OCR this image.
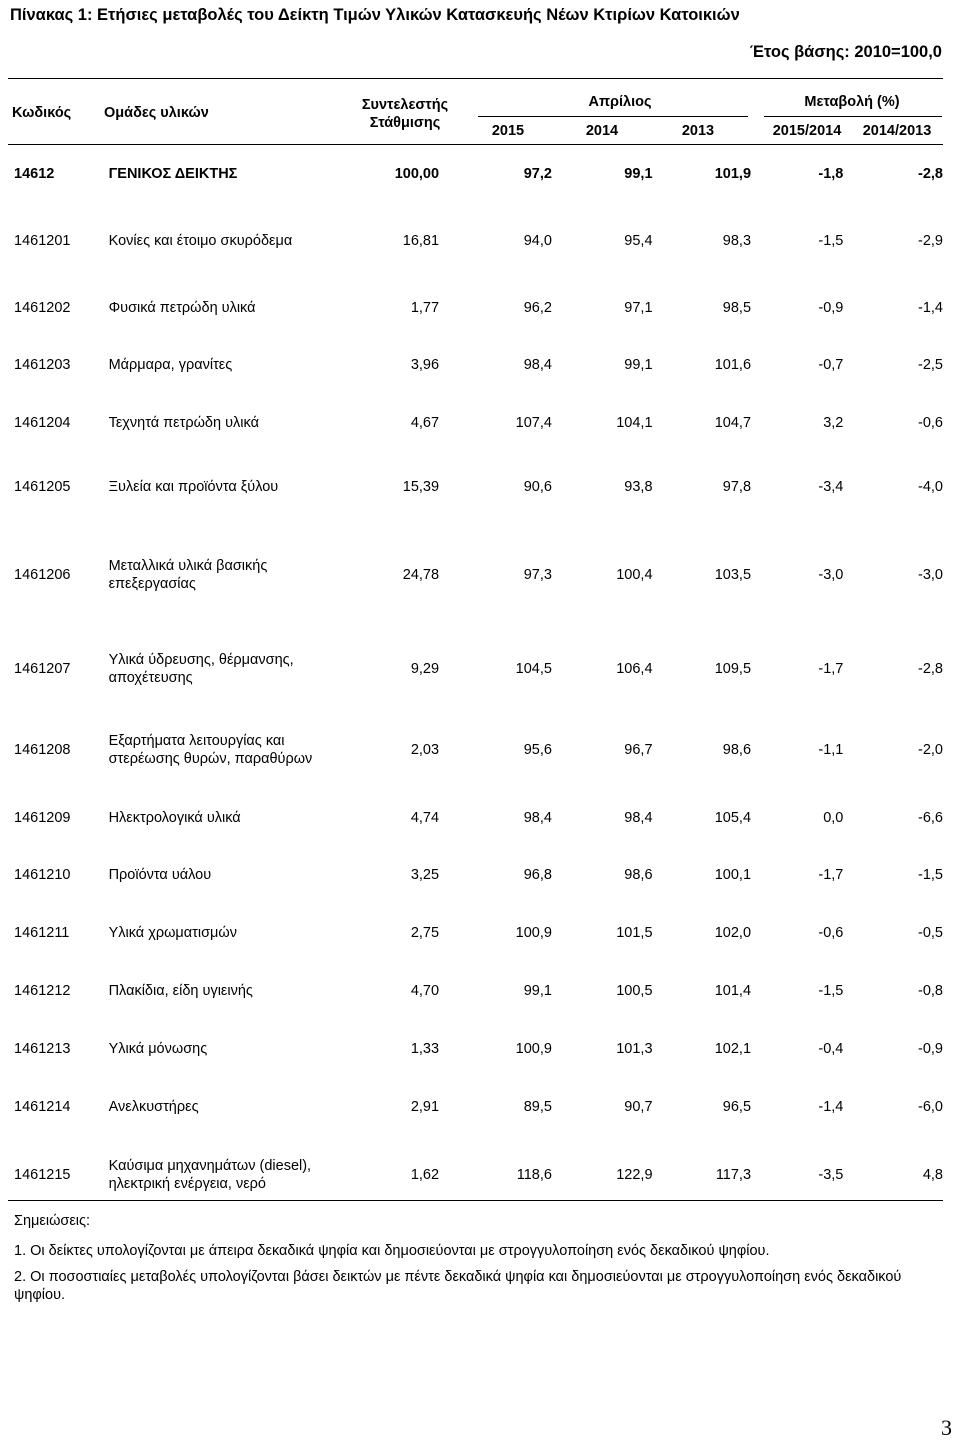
Πίνακας 1: Ετήσιες μεταβολές του Δείκτη Τιμών Υλικών Κατασκευής Νέων Κτιρίων Κατοικιών
Έτος βάσης: 2010=100,0
Κωδικός Ομάδες υλικών	Συντελεστής
Στάθμισης
Απρίλιος	Μεταβολή (%)
2015	2014	2013	2015/2014	2014/2013
14612	ΓΕΝΙΚΟΣ ΔΕΙΚΤΗΣ	100,00	97,2	99,1	101,9	-1,8	-2,8
1461201	Κονίες και έτοιμο σκυρόδεμα	16,81	94,0	95,4	98,3	-1,5	-2,9
1461202	Φυσικά πετρώδη υλικά	1,77	96,2	97,1	98,5	-0,9	-1,4
1461203	Μάρμαρα, γρανίτες	3,96	98,4	99,1	101,6	-0,7	-2,5
1461204	Τεχνητά πετρώδη υλικά	4,67	107,4	104,1	104,7	3,2	-0,6
1461205	Ξυλεία και προϊόντα ξύλου	15,39	90,6	93,8	97,8	-3,4	-4,0
1461206	Μεταλλικά υλικά βασικής
επεξεργασίας	24,78	97,3	100,4	103,5	-3,0	-3,0
1461207	Υλικά ύδρευσης, θέρμανσης,
αποχέτευσης	9,29	104,5	106,4	109,5	-1,7	-2,8
1461208	Εξαρτήματα λειτουργίας και
στερέωσης θυρών, παραθύρων	2,03	95,6	96,7	98,6	-1,1	-2,0
1461209	Ηλεκτρολογικά υλικά	4,74	98,4	98,4	105,4	0,0	-6,6
1461210	Προϊόντα υάλου	3,25	96,8	98,6	100,1	-1,7	-1,5
1461211	Υλικά χρωματισμών	2,75	100,9	101,5	102,0	-0,6	-0,5
1461212	Πλακίδια, είδη υγιεινής	4,70	99,1	100,5	101,4	-1,5	-0,8
1461213	Υλικά μόνωσης	1,33	100,9	101,3	102,1	-0,4	-0,9
1461214	Ανελκυστήρες	2,91	89,5	90,7	96,5	-1,4	-6,0
1461215	Καύσιμα μηχανημάτων (diesel),
ηλεκτρική ενέργεια, νερό	1,62	118,6	122,9	117,3	-3,5	4,8
Σημειώσεις:

1. Οι δείκτες υπολογίζονται με άπειρα δεκαδικά ψηφία και δημοσιεύονται με στρογγυλοποίηση ενός δεκαδικού ψηφίου.

2. Οι ποσοστιαίες μεταβολές υπολογίζονται βάσει δεικτών με πέντε δεκαδικά ψηφία και δημοσιεύονται με στρογγυλοποίηση ενός δεκαδικού ψηφίου.

3
